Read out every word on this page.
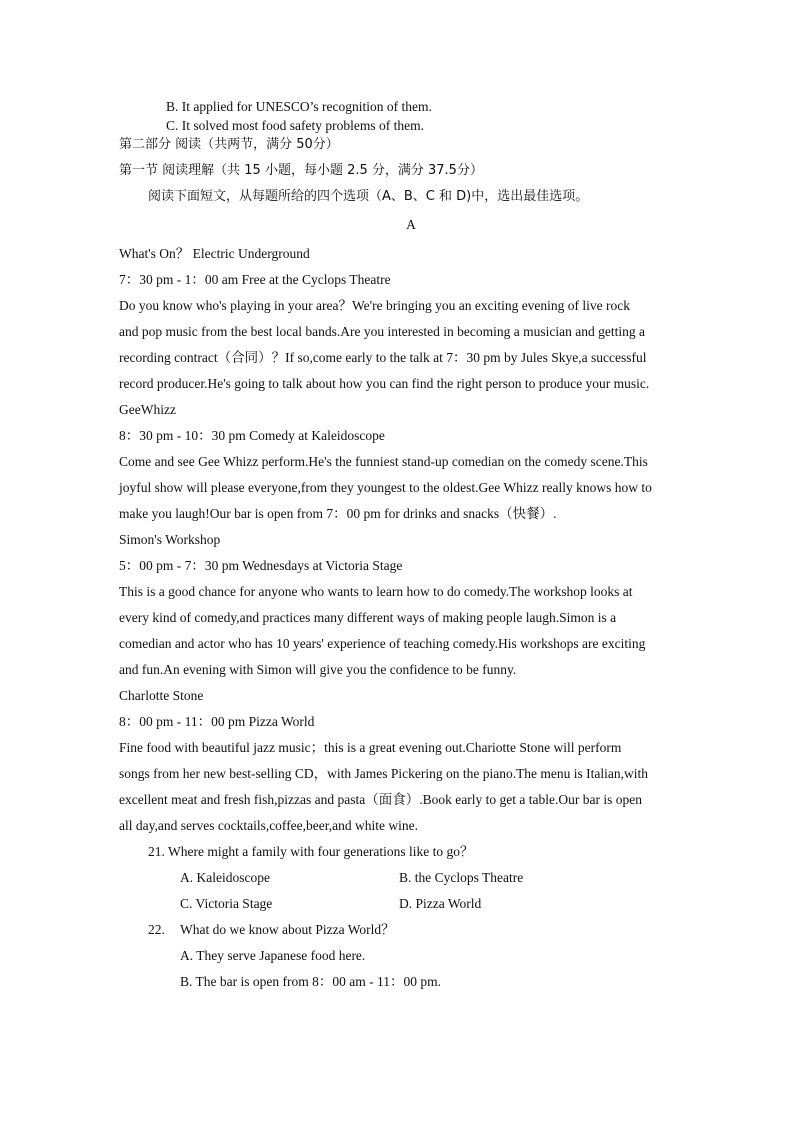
B. It applied for UNESCO’s recognition of them.
C. It solved most food safety problems of them.
第二部分 阅读（共两节，满分 50分）
第一节 阅读理解（共 15 小题，每小题 2.5 分，满分 37.5分）
阅读下面短文，从每题所给的四个选项（A、B、C 和 D)中，选出最佳选项。
A
What's On？ Electric Underground
7：30 pm - 1：00 am Free at the Cyclops Theatre
Do you know who's playing in your area？We're bringing you an exciting evening of live rock
and pop music from the best local bands.Are you interested in becoming a musician and getting a
recording contract（合同）？If so,come early to the talk at 7：30 pm by Jules Skye,a successful
record producer.He's going to talk about how you can find the right person to produce your music.
GeeWhizz
8：30 pm - 10：30 pm Comedy at Kaleidoscope
Come and see Gee Whizz perform.He's the funniest stand-up comedian on the comedy scene.This
joyful show will please everyone,from they youngest to the oldest.Gee Whizz really knows how to
make you laugh!Our bar is open from 7：00 pm for drinks and snacks（快餐）.
Simon's Workshop
5：00 pm - 7：30 pm Wednesdays at Victoria Stage
This is a good chance for anyone who wants to learn how to do comedy.The workshop looks at
every kind of comedy,and practices many different ways of making people laugh.Simon is a
comedian and actor who has 10 years' experience of teaching comedy.His workshops are exciting
and fun.An evening with Simon will give you the confidence to be funny.
Charlotte Stone
8：00 pm - 11：00 pm Pizza World
Fine food with beautiful jazz music；this is a great evening out.Chariotte Stone will perform
songs from her new best-selling CD，with James Pickering on the piano.The menu is Italian,with
excellent meat and fresh fish,pizzas and pasta（面食）.Book early to get a table.Our bar is open
all day,and serves cocktails,coffee,beer,and white wine.
21. Where might a family with four generations like to go？
A. Kaleidoscope	B. the Cyclops Theatre
C. Victoria Stage	D. Pizza World
22. What do we know about Pizza World？
A. They serve Japanese food here.
B. The bar is open from 8：00 am - 11：00 pm.
